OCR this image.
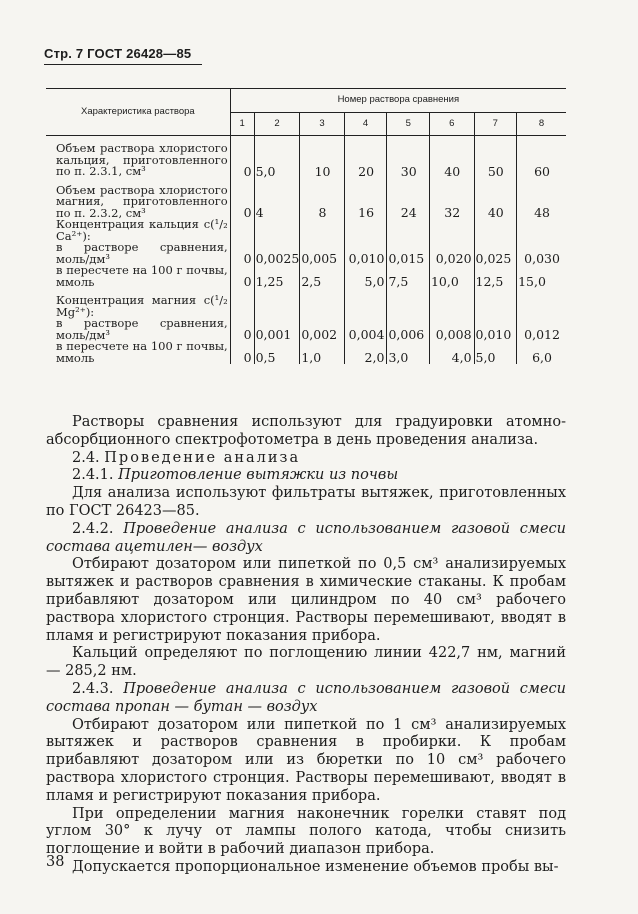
Стр. 7 ГОСТ 26428—85
Характеристика раствора	Номер раствора сравнения							
	1	2	3	4	5	6	7	8

Объем раствора хлористого кальция, приготовленного по п. 2.3.1, см³	0	5,0	10	20	30	40	50	60

Объем раствора хлористого магния, приготовленного по п. 2.3.2, см³	0	4	8	16	24	32	40	48
Концентрация кальция с(¹/₂ Ca²⁺):								
в растворе сравнения, моль/дм³	0	0,0025	0,005	0,010	0,015	0,020	0,025	0,030
в пересчете на 100 г почвы, ммоль	0	1,25	2,5	5,0	7,5	10,0	12,5	15,0

Концентрация магния с(¹/₂ Mg²⁺):								
в растворе сравнения, моль/дм³	0	0,001	0,002	0,004	0,006	0,008	0,010	0,012
в пересчете на 100 г почвы, ммоль	0	0,5	1,0	2,0	3,0	4,0	5,0	6,0

Растворы сравнения используют для градуировки атомно-абсорбционного спектрофотометра в день проведения анализа.

2.4. Проведение анализа

2.4.1. Приготовление вытяжки из почвы

Для анализа используют фильтраты вытяжек, приготовленных по ГОСТ 26423—85.

2.4.2. Проведение анализа с использованием газовой смеси состава ацетилен— воздух

Отбирают дозатором или пипеткой по 0,5 см³ анализируемых вытяжек и растворов сравнения в химические стаканы. К пробам прибавляют дозатором или цилиндром по 40 см³ рабочего раствора хлористого стронция. Растворы перемешивают, вводят в пламя и регистрируют показания прибора.

Кальций определяют по поглощению линии 422,7 нм, магний — 285,2 нм.

2.4.3. Проведение анализа с использованием газовой смеси состава пропан — бутан — воздух

Отбирают дозатором или пипеткой по 1 см³ анализируемых вытяжек и растворов сравнения в пробирки. К пробам прибавляют дозатором или из бюретки по 10 см³ рабочего раствора хлористого стронция. Растворы перемешивают, вводят в пламя и регистрируют показания прибора.

При определении магния наконечник горелки ставят под углом 30° к лучу от лампы полого катода, чтобы снизить поглощение и войти в рабочий диапазон прибора.

Допускается пропорциональное изменение объемов пробы вы-

38
